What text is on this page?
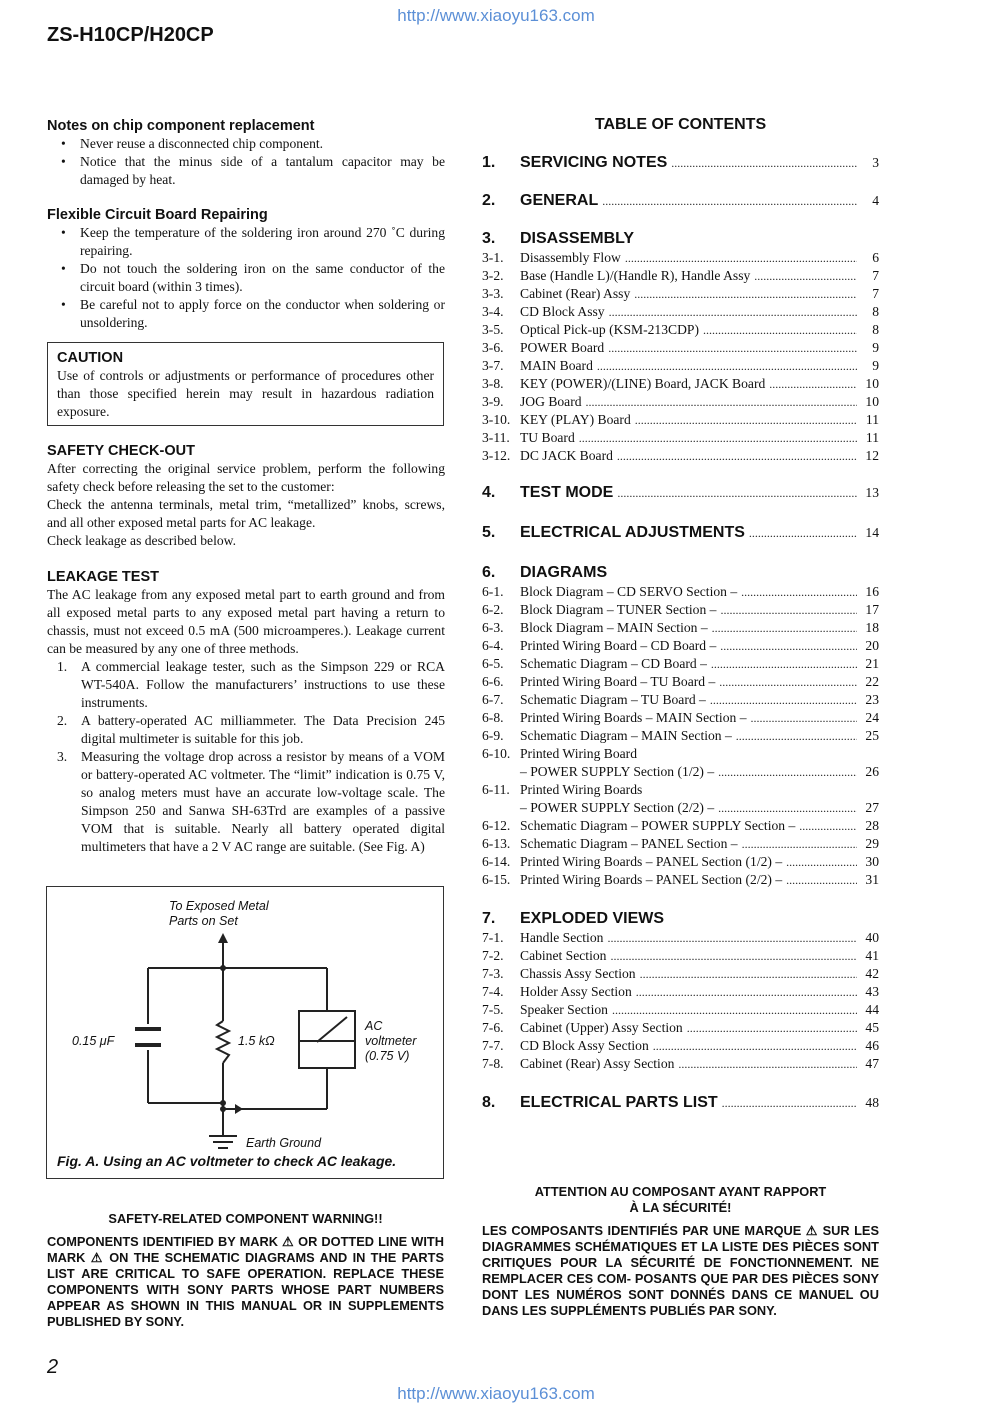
http://www.xiaoyu163.com
ZS-H10CP/H20CP
Notes on chip component replacement
• Never reuse a disconnected chip component.
• Notice that the minus side of a tantalum capacitor may be damaged by heat.
Flexible Circuit Board Repairing
• Keep the temperature of the soldering iron around 270 ˚C during repairing.
• Do not touch the soldering iron on the same conductor of the circuit board (within 3 times).
• Be careful not to apply force on the conductor when soldering or unsoldering.
CAUTION

Use of controls or adjustments or performance of procedures other than those specified herein may result in hazardous radiation exposure.

SAFETY CHECK-OUT

After correcting the original service problem, perform the following safety check before releasing the set to the customer:

Check the antenna terminals, metal trim, “metallized” knobs, screws, and all other exposed metal parts for AC leakage.

Check leakage as described below.

LEAKAGE TEST

The AC leakage from any exposed metal part to earth ground and from all exposed metal parts to any exposed metal part having a return to chassis, must not exceed 0.5 mA (500 microamperes.). Leakage current can be measured by any one of three methods.

1. A commercial leakage tester, such as the Simpson 229 or RCA WT-540A. Follow the manufacturers’ instructions to use these instruments.
2. A battery-operated AC milliammeter. The Data Precision 245 digital multimeter is suitable for this job.
3. Measuring the voltage drop across a resistor by means of a VOM or battery-operated AC voltmeter. The “limit” indication is 0.75 V, so analog meters must have an accurate low-voltage scale. The Simpson 250 and Sanwa SH-63Trd are examples of a passive VOM that is suitable. Nearly all battery operated digital multimeters that have a 2 V AC range are suitable. (See Fig. A)
To Exposed Metal
Parts on Set
0.15 μF	1.5 kΩ
AC
voltmeter
(0.75 V)
Earth Ground
Fig. A. Using an AC voltmeter to check AC leakage.
SAFETY-RELATED COMPONENT WARNING!!

COMPONENTS IDENTIFIED BY MARK ⚠ OR DOTTED LINE WITH MARK ⚠ ON THE SCHEMATIC DIAGRAMS AND IN THE PARTS LIST ARE CRITICAL TO SAFE OPERATION. REPLACE THESE COMPONENTS WITH SONY PARTS WHOSE PART NUMBERS APPEAR AS SHOWN IN THIS MANUAL OR IN SUPPLEMENTS PUBLISHED BY SONY.

ATTENTION AU COMPOSANT AYANT RAPPORT
À LA SÉCURITÉ!

LES COMPOSANTS IDENTIFIÉS PAR UNE MARQUE ⚠ SUR LES DIAGRAMMES SCHÉMATIQUES ET LA LISTE DES PIÈCES SONT CRITIQUES POUR LA SÉCURITÉ DE FONCTIONNEMENT. NE REMPLACER CES COM- POSANTS QUE PAR DES PIÈCES SONY DONT LES NUMÉROS SONT DONNÉS DANS CE MANUEL OU DANS LES SUPPLÉMENTS PUBLIÉS PAR SONY.

TABLE OF CONTENTS
1.	SERVICING NOTES .....	3
2.	GENERAL .....	4
3.	DISASSEMBLY
3-1.	Disassembly Flow .....	6
3-2.	Base (Handle L)/(Handle R), Handle Assy .....	7
3-3.	Cabinet (Rear) Assy .....	7
3-4.	CD Block Assy .....	8
3-5.	Optical Pick-up (KSM-213CDP) .....	8
3-6.	POWER Board .....	9
3-7.	MAIN Board .....	9
3-8.	KEY (POWER)/(LINE) Board, JACK Board .....	10
3-9.	JOG Board .....	10
3-10. KEY (PLAY) Board .....	11
3-11. TU Board .....	11
3-12. DC JACK Board .....	12
4.	TEST MODE .....	13
5.	ELECTRICAL ADJUSTMENTS .....	14
6.	DIAGRAMS
6-1.	Block Diagram – CD SERVO Section – .....	16
6-2.	Block Diagram – TUNER Section – .....	17
6-3.	Block Diagram – MAIN Section – .....	18
6-4.	Printed Wiring Board – CD Board – .....	20
6-5.	Schematic Diagram – CD Board – .....	21
6-6.	Printed Wiring Board – TU Board – .....	22
6-7.	Schematic Diagram – TU Board – .....	23
6-8.	Printed Wiring Boards – MAIN Section – .....	24
6-9.	Schematic Diagram – MAIN Section – .....	25
6-10. Printed Wiring Board
– POWER SUPPLY Section (1/2) – .....	26
6-11. Printed Wiring Boards
– POWER SUPPLY Section (2/2) – .....	27
6-12. Schematic Diagram – POWER SUPPLY Section – .....	28
6-13. Schematic Diagram – PANEL Section – .....	29
6-14. Printed Wiring Boards – PANEL Section (1/2) – .....	30
6-15. Printed Wiring Boards – PANEL Section (2/2) – .....	31
7.	EXPLODED VIEWS
7-1.	Handle Section .....	40
7-2.	Cabinet Section .....	41
7-3.	Chassis Assy Section .....	42
7-4.	Holder Assy Section .....	43
7-5.	Speaker Section .....	44
7-6.	Cabinet (Upper) Assy Section .....	45
7-7.	CD Block Assy Section .....	46
7-8.	Cabinet (Rear) Assy Section .....	47
8.	ELECTRICAL PARTS LIST .....	48
2
http://www.xiaoyu163.com
